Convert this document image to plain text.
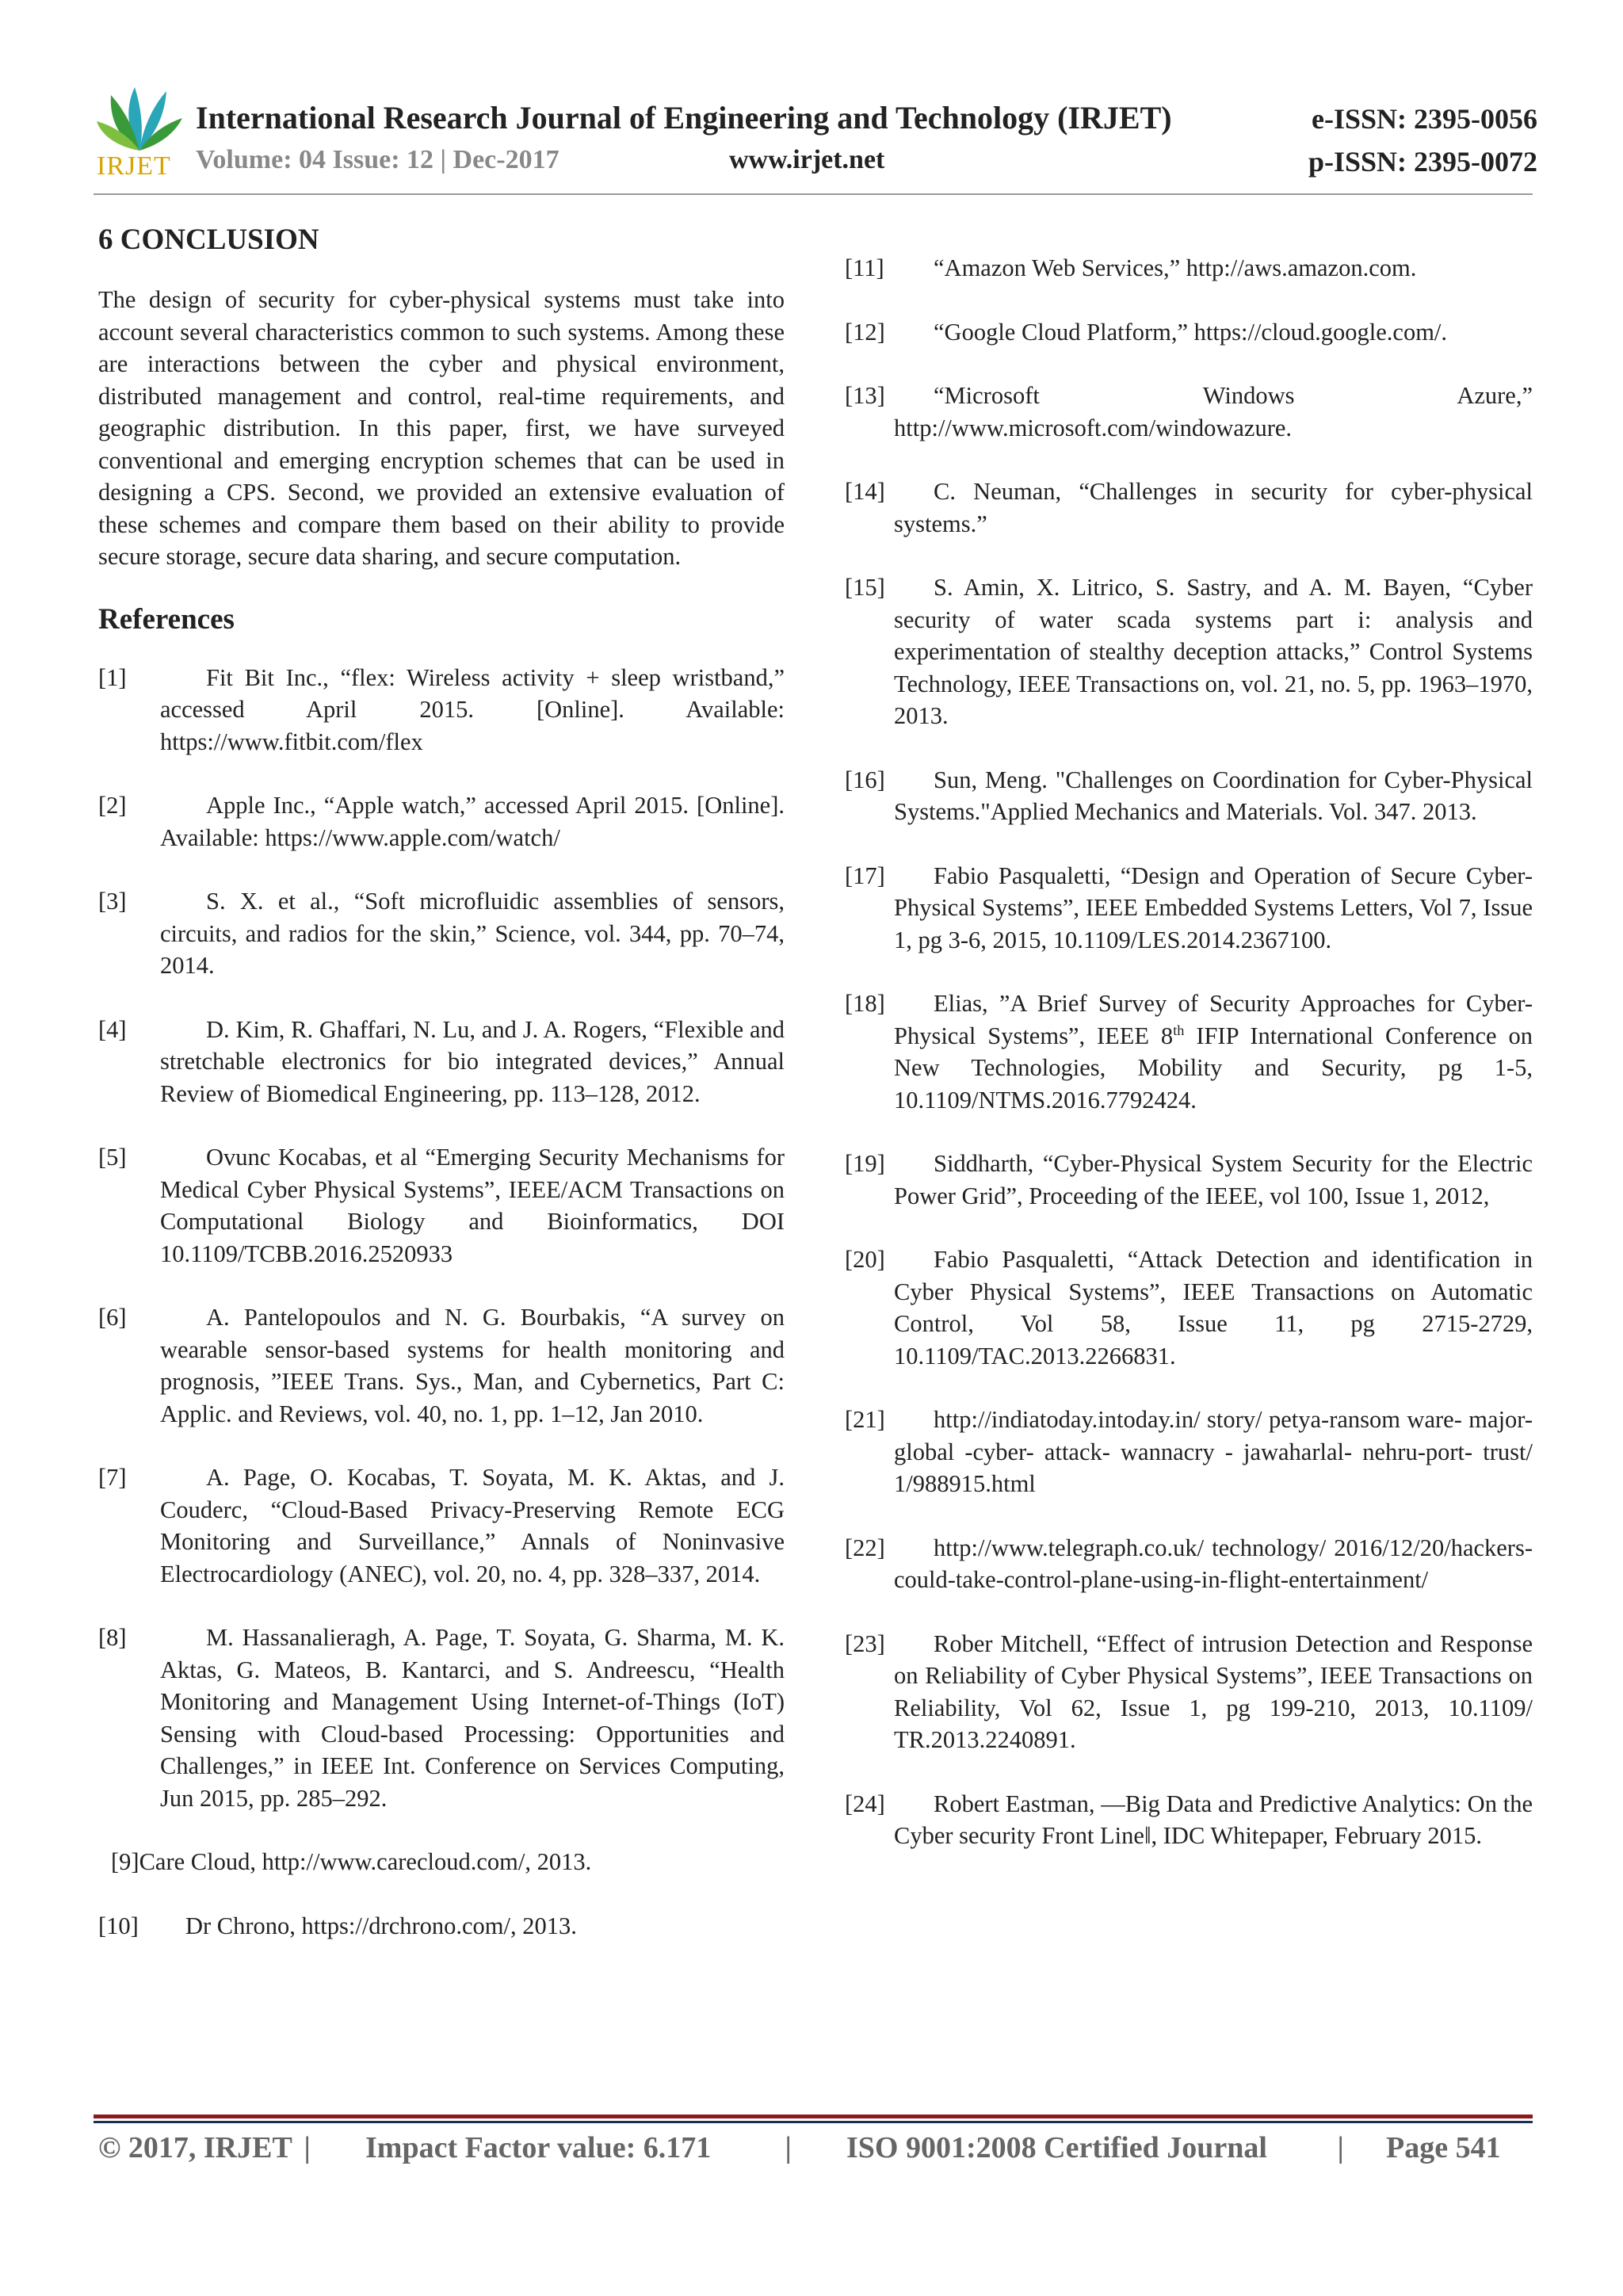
IRJET
International Research Journal of Engineering and Technology (IRJET)
Volume: 04 Issue: 12 | Dec-2017	www.irjet.net
e-ISSN: 2395-0056
p-ISSN: 2395-0072
6 CONCLUSION

The design of security for cyber-physical systems must take into account several characteristics common to such systems. Among these are interactions between the cyber and physical environment, distributed management and control, real-time requirements, and geographic distribution. In this paper, first, we have surveyed conventional and emerging encryption schemes that can be used in designing a CPS. Second, we provided an extensive evaluation of these schemes and compare them based on their ability to provide secure storage, secure data sharing, and secure computation.

References
[1]	Fit Bit Inc., “flex: Wireless activity + sleep wristband,” accessed April 2015. [Online]. Available: https://www.fitbit.com/flex
[2]	Apple Inc., “Apple watch,” accessed April 2015. [Online]. Available: https://www.apple.com/watch/
[3]	S. X. et al., “Soft microfluidic assemblies of sensors, circuits, and radios for the skin,” Science, vol. 344, pp. 70–74, 2014.
[4]	D. Kim, R. Ghaffari, N. Lu, and J. A. Rogers, “Flexible and stretchable electronics for bio integrated devices,” Annual Review of Biomedical Engineering, pp. 113–128, 2012.
[5]	Ovunc Kocabas, et al “Emerging Security Mechanisms for Medical Cyber Physical Systems”, IEEE/ACM Transactions on Computational Biology and Bioinformatics, DOI 10.1109/TCBB.2016.2520933
[6]	A. Pantelopoulos and N. G. Bourbakis, “A survey on wearable sensor-based systems for health monitoring and prognosis, ”IEEE Trans. Sys., Man, and Cybernetics, Part C: Applic. and Reviews, vol. 40, no. 1, pp. 1–12, Jan 2010.
[7]	A. Page, O. Kocabas, T. Soyata, M. K. Aktas, and J. Couderc, “Cloud-Based Privacy-Preserving Remote ECG Monitoring and Surveillance,” Annals of Noninvasive Electrocardiology (ANEC), vol. 20, no. 4, pp. 328–337, 2014.
[8]	M. Hassanalieragh, A. Page, T. Soyata, G. Sharma, M. K. Aktas, G. Mateos, B. Kantarci, and S. Andreescu, “Health Monitoring and Management Using Internet-of-Things (IoT) Sensing with Cloud-based Processing: Opportunities and Challenges,” in IEEE Int. Conference on Services Computing, Jun 2015, pp. 285–292.
[9]Care Cloud, http://www.carecloud.com/, 2013.
[10]	Dr Chrono, https://drchrono.com/, 2013.
[11]	“Amazon Web Services,” http://aws.amazon.com.
[12]	“Google Cloud Platform,” https://cloud.google.com/.
[13]	“Microsoft Windows Azure,” http://www.microsoft.com/windowazure.
[14]	C. Neuman, “Challenges in security for cyber-physical systems.”
[15]	S. Amin, X. Litrico, S. Sastry, and A. M. Bayen, “Cyber security of water scada systems part i: analysis and experimentation of stealthy deception attacks,” Control Systems Technology, IEEE Transactions on, vol. 21, no. 5, pp. 1963–1970, 2013.
[16]	Sun, Meng. "Challenges on Coordination for Cyber-Physical Systems."Applied Mechanics and Materials. Vol. 347. 2013.
[17]	Fabio Pasqualetti, “Design and Operation of Secure Cyber-Physical Systems”, IEEE Embedded Systems Letters, Vol 7, Issue 1, pg 3-6, 2015, 10.1109/LES.2014.2367100.
[18]	Elias, ”A Brief Survey of Security Approaches for Cyber-Physical Systems”, IEEE 8th IFIP International Conference on New Technologies, Mobility and Security, pg 1-5, 10.1109/NTMS.2016.7792424.
[19]	Siddharth, “Cyber-Physical System Security for the Electric Power Grid”, Proceeding of the IEEE, vol 100, Issue 1, 2012,
[20]	Fabio Pasqualetti, “Attack Detection and identification in Cyber Physical Systems”, IEEE Transactions on Automatic Control, Vol 58, Issue 11, pg 2715-2729, 10.1109/TAC.2013.2266831.
[21]	http://indiatoday.intoday.in/ story/ petya-ransom ware- major- global -cyber- attack- wannacry - jawaharlal- nehru-port- trust/ 1/988915.html
[22]	http://www.telegraph.co.uk/ technology/ 2016/12/20/hackers- could-take-control-plane-using-in-flight-entertainment/
[23]	Rober Mitchell, “Effect of intrusion Detection and Response on Reliability of Cyber Physical Systems”, IEEE Transactions on Reliability, Vol 62, Issue 1, pg 199-210, 2013, 10.1109/ TR.2013.2240891.
[24]	Robert Eastman, ―Big Data and Predictive Analytics: On the Cyber security Front Line‖, IDC Whitepaper, February 2015.
© 2017, IRJET | Impact Factor value: 6.171 | ISO 9001:2008 Certified Journal | Page 541
